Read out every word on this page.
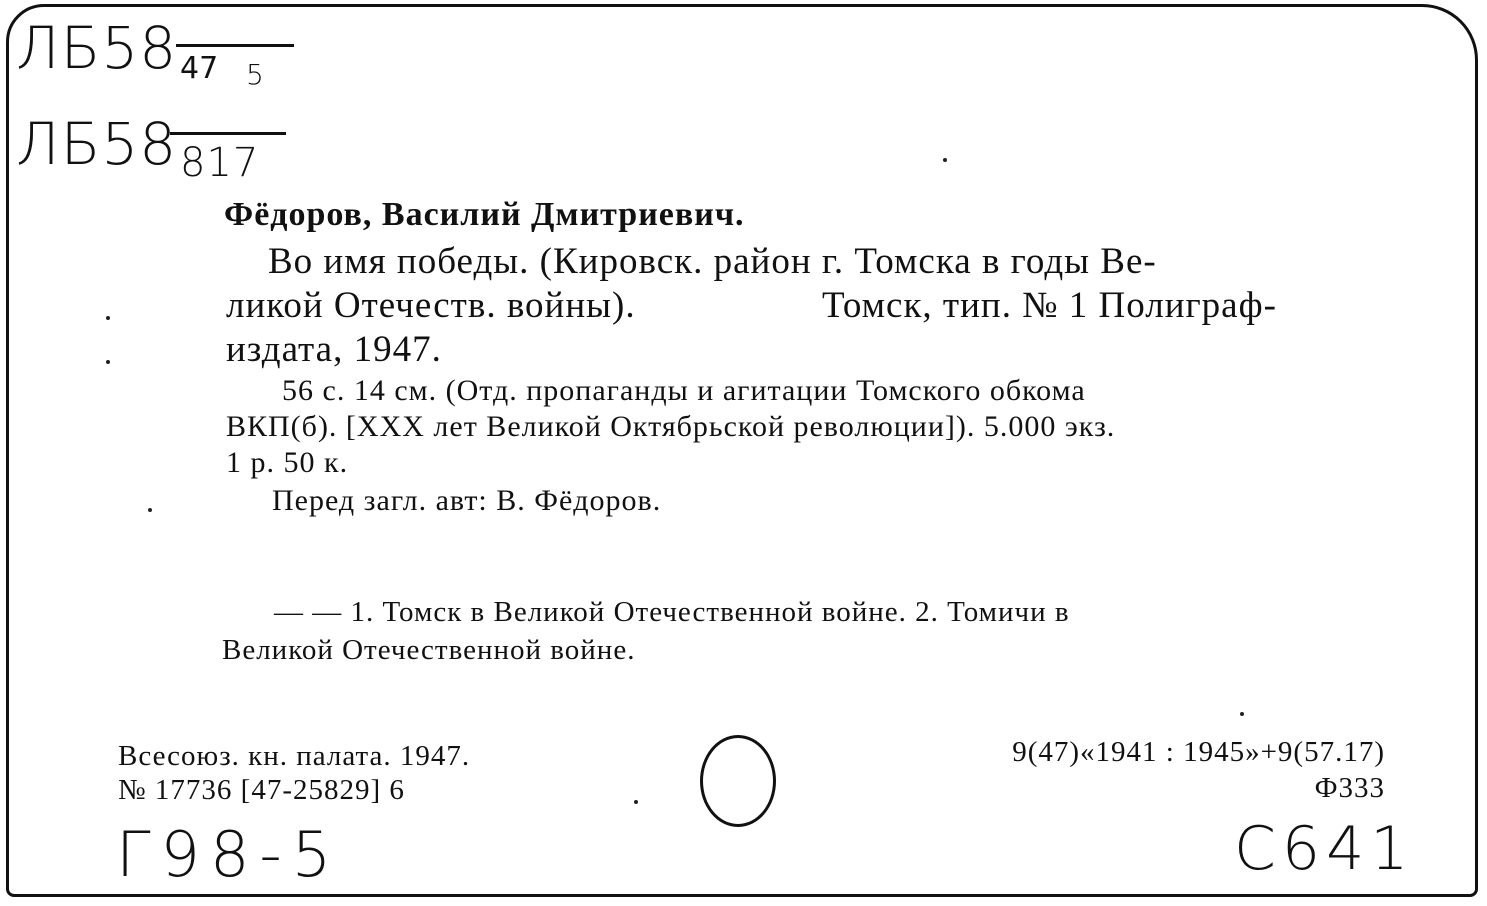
ЛБ58 47 5
ЛБ58 817
Фёдоров, Василий Дмитриевич.
Во имя победы. (Кировск. район г. Томска в годы Ве-
ликой Отечеств. войны).	Томск, тип. № 1 Полиграф-
издата, 1947.
56 с. 14 см. (Отд. пропаганды и агитации Томского обкома
ВКП(б). [XXX лет Великой Октябрьской революции]). 5.000 экз.
1 р. 50 к.
Перед загл. авт: В. Фёдоров.
— — 1. Томск в Великой Отечественной войне. 2. Томичи в
Великой Отечественной войне.
Всесоюз. кн. палата. 1947.
№ 17736 [47-25829] 6
9(47)«1941 : 1945»+9(57.17)
Ф333
Г98-5	С641
